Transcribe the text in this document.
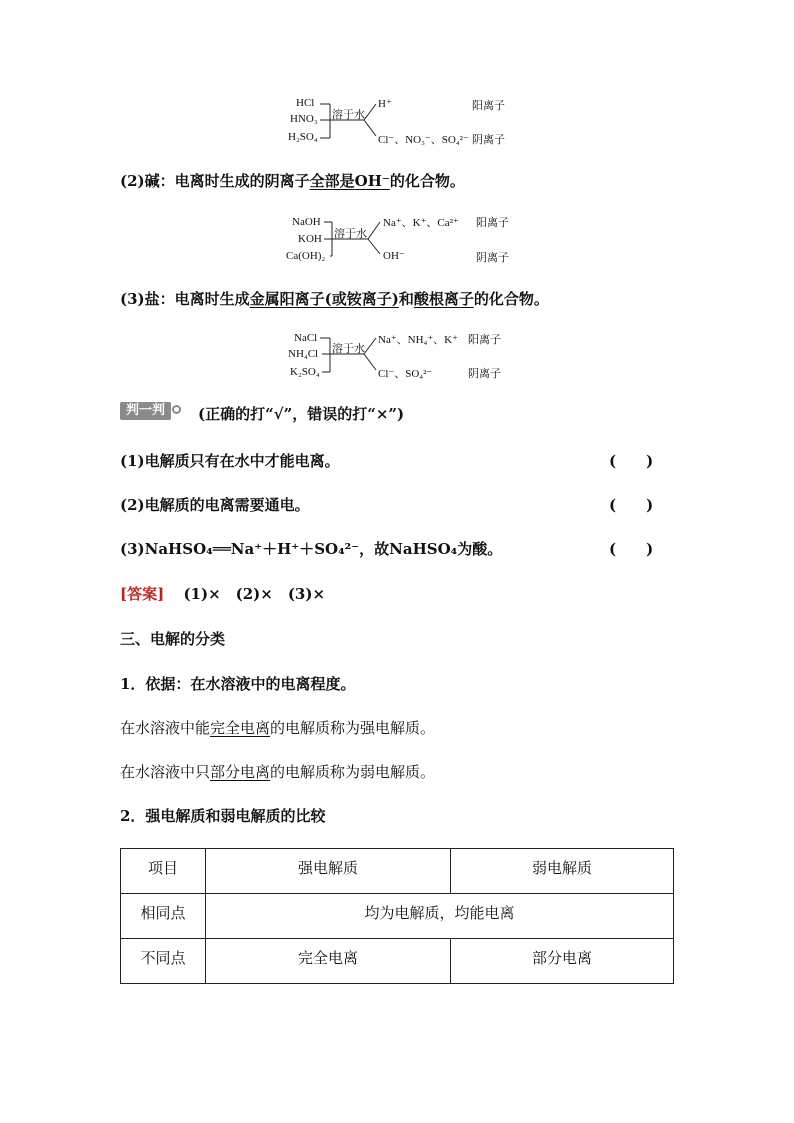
HCl
HNO₃
H₂SO₄
溶于水
H⁺
Cl⁻、NO₃⁻、SO₄²⁻
阳离子
阴离子
(2)碱：电离时生成的阴离子全部是OH⁻的化合物。
NaOH
KOH
Ca(OH)₂
溶于水
Na⁺、K⁺、Ca²⁺
OH⁻
阳离子
阴离子
(3)盐：电离时生成金属阳离子(或铵离子)和酸根离子的化合物。
NaCl
NH₄Cl
K₂SO₄
溶于水
Na⁺、NH₄⁺、K⁺
Cl⁻、SO₄²⁻
阳离子
阴离子
判一判	(正确的打“√”，错误的打“×”)
(1)电解质只有在水中才能电离。	(　　)
(2)电解质的电离需要通电。	(　　)
(3)NaHSO₄══Na⁺＋H⁺＋SO₄²⁻，故NaHSO₄为酸。	(　　)
[答案] (1)×　(2)×　(3)×
三、电解的分类
1．依据：在水溶液中的电离程度。
在水溶液中能完全电离的电解质称为强电解质。
在水溶液中只部分电离的电解质称为弱电解质。
2．强电解质和弱电解质的比较
项目	强电解质	弱电解质
相同点	均为电解质，均能电离	
不同点	完全电离	部分电离
